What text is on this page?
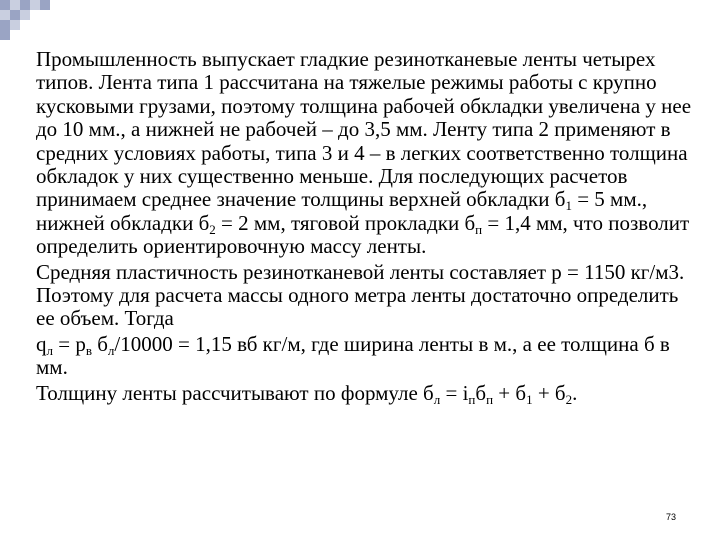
Промышленность выпускает гладкие резинотканевые ленты четырех типов. Лента типа 1 рассчитана на тяжелые режимы работы с крупно кусковыми грузами, поэтому толщина рабочей обкладки увеличена у нее до 10 мм., а нижней не рабочей – до 3,5 мм. Ленту типа 2 применяют в средних условиях работы, типа 3 и 4 – в легких соответственно толщина обкладок у них существенно меньше. Для последующих расчетов принимаем среднее значение толщины верхней обкладки $б_1 = 5$ мм., нижней обкладки $б_2 = 2$ мм, тяговой прокладки $б_п = 1,4$ мм, что позволит определить ориентировочную массу ленты.

Средняя пластичность резинотканевой ленты составляет p = 1150 кг/м3. Поэтому для расчета массы одного метра ленты достаточно определить ее объем. Тогда

$q_л = p_в$ $б_л/10000 = 1,15$ вб кг/м, где ширина ленты в м., а ее толщина б в мм.

Толщину ленты рассчитывают по формуле $б_л = i_пб_п + б_1 + б_2$.

73
